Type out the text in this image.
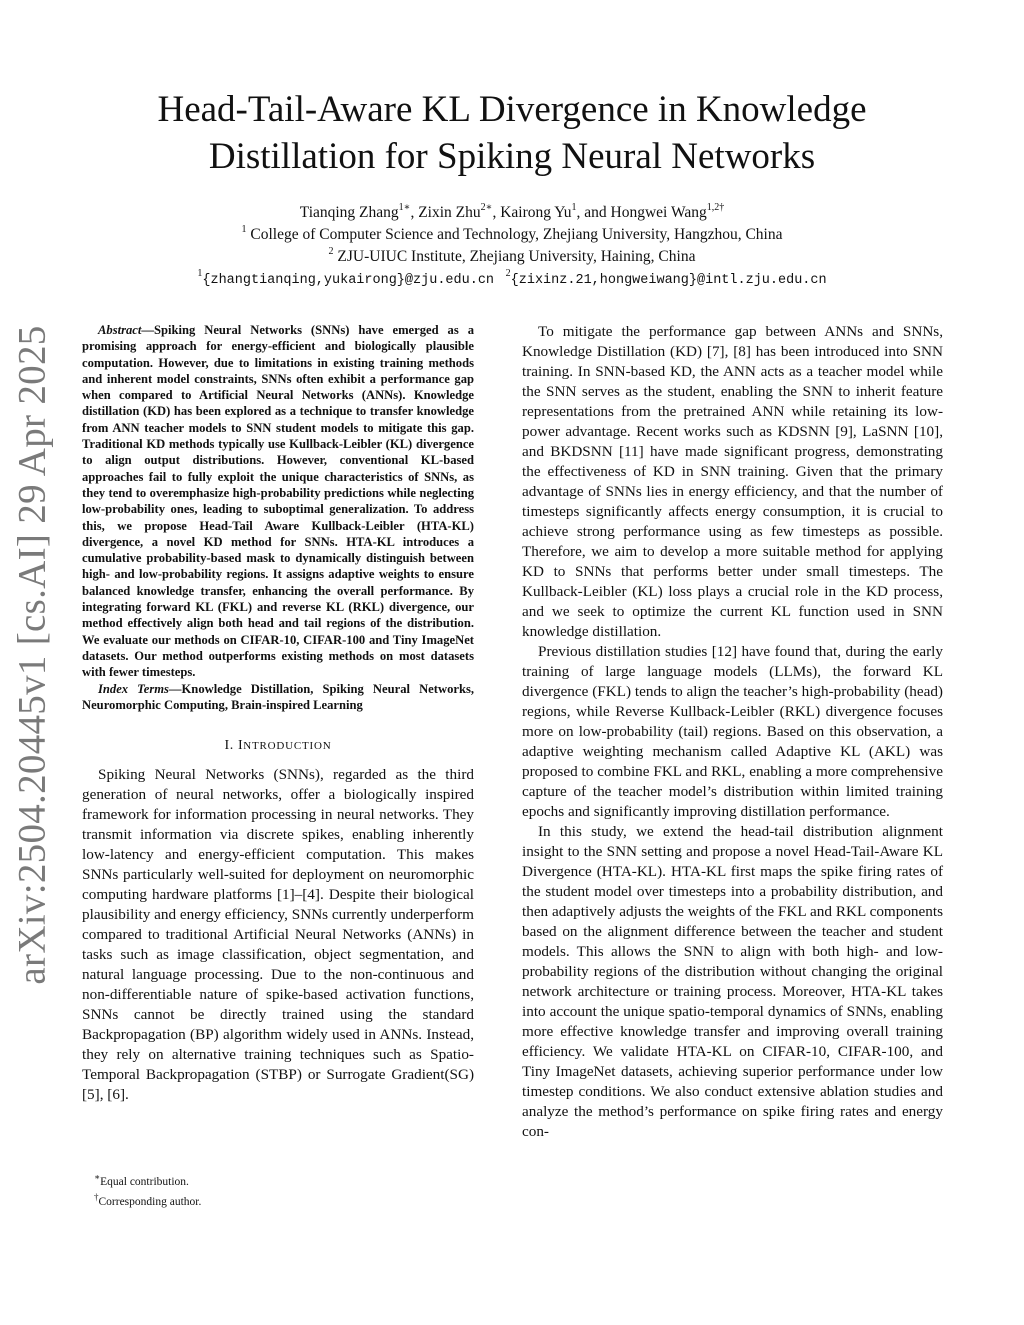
arXiv:2504.20445v1 [cs.AI] 29 Apr 2025
Head-Tail-Aware KL Divergence in Knowledge
Distillation for Spiking Neural Networks
Tianqing Zhang$^{1∗}$, Zixin Zhu$^{2∗}$, Kairong Yu$^1$, and Hongwei Wang$^{1,2\dagger}$
$^1$ College of Computer Science and Technology, Zhejiang University, Hangzhou, China
$^2$ ZJU-UIUC Institute, Zhejiang University, Haining, China
$^1${zhangtianqing,yukairong}@zju.edu.cn $^2${zixinz.21,hongweiwang}@intl.zju.edu.cn

Abstract—Spiking Neural Networks (SNNs) have emerged as a promising approach for energy-efficient and biologically plausible computation. However, due to limitations in existing training methods and inherent model constraints, SNNs often exhibit a performance gap when compared to Artificial Neural Networks (ANNs). Knowledge distillation (KD) has been explored as a technique to transfer knowledge from ANN teacher models to SNN student models to mitigate this gap. Traditional KD methods typically use Kullback-Leibler (KL) divergence to align output distributions. However, conventional KL-based approaches fail to fully exploit the unique characteristics of SNNs, as they tend to overemphasize high-probability predictions while neglecting low-probability ones, leading to suboptimal generalization. To address this, we propose Head-Tail Aware Kullback-Leibler (HTA-KL) divergence, a novel KD method for SNNs. HTA-KL introduces a cumulative probability-based mask to dynamically distinguish between high- and low-probability regions. It assigns adaptive weights to ensure balanced knowledge transfer, enhancing the overall performance. By integrating forward KL (FKL) and reverse KL (RKL) divergence, our method effectively align both head and tail regions of the distribution. We evaluate our methods on CIFAR-10, CIFAR-100 and Tiny ImageNet datasets. Our method outperforms existing methods on most datasets with fewer timesteps.

Index Terms—Knowledge Distillation, Spiking Neural Networks, Neuromorphic Computing, Brain-inspired Learning

I. INTRODUCTION

Spiking Neural Networks (SNNs), regarded as the third generation of neural networks, offer a biologically inspired framework for information processing in neural networks. They transmit information via discrete spikes, enabling inherently low-latency and energy-efficient computation. This makes SNNs particularly well-suited for deployment on neuromorphic computing hardware platforms [1]–[4]. Despite their biological plausibility and energy efficiency, SNNs currently underperform compared to traditional Artificial Neural Networks (ANNs) in tasks such as image classification, object segmentation, and natural language processing. Due to the non-continuous and non-differentiable nature of spike-based activation functions, SNNs cannot be directly trained using the standard Backpropagation (BP) algorithm widely used in ANNs. Instead, they rely on alternative training techniques such as Spatio-Temporal Backpropagation (STBP) or Surrogate Gradient(SG) [5], [6].

To mitigate the performance gap between ANNs and SNNs, Knowledge Distillation (KD) [7], [8] has been introduced into SNN training. In SNN-based KD, the ANN acts as a teacher model while the SNN serves as the student, enabling the SNN to inherit feature representations from the pretrained ANN while retaining its low-power advantage. Recent works such as KDSNN [9], LaSNN [10], and BKDSNN [11] have made significant progress, demonstrating the effectiveness of KD in SNN training. Given that the primary advantage of SNNs lies in energy efficiency, and that the number of timesteps significantly affects energy consumption, it is crucial to achieve strong performance using as few timesteps as possible. Therefore, we aim to develop a more suitable method for applying KD to SNNs that performs better under small timesteps. The Kullback-Leibler (KL) loss plays a crucial role in the KD process, and we seek to optimize the current KL function used in SNN knowledge distillation.

Previous distillation studies [12] have found that, during the early training of large language models (LLMs), the forward KL divergence (FKL) tends to align the teacher’s high-probability (head) regions, while Reverse Kullback-Leibler (RKL) divergence focuses more on low-probability (tail) regions. Based on this observation, a adaptive weighting mechanism called Adaptive KL (AKL) was proposed to combine FKL and RKL, enabling a more comprehensive capture of the teacher model’s distribution within limited training epochs and significantly improving distillation performance.

In this study, we extend the head-tail distribution alignment insight to the SNN setting and propose a novel Head-Tail-Aware KL Divergence (HTA-KL). HTA-KL first maps the spike firing rates of the student model over timesteps into a probability distribution, and then adaptively adjusts the weights of the FKL and RKL components based on the alignment difference between the teacher and student models. This allows the SNN to align with both high- and low-probability regions of the distribution without changing the original network architecture or training process. Moreover, HTA-KL takes into account the unique spatio-temporal dynamics of SNNs, enabling more effective knowledge transfer and improving overall training efficiency. We validate HTA-KL on CIFAR-10, CIFAR-100, and Tiny ImageNet datasets, achieving superior performance under low timestep conditions. We also conduct extensive ablation studies and analyze the method’s performance on spike firing rates and energy con-

∗Equal contribution.
†Corresponding author.
